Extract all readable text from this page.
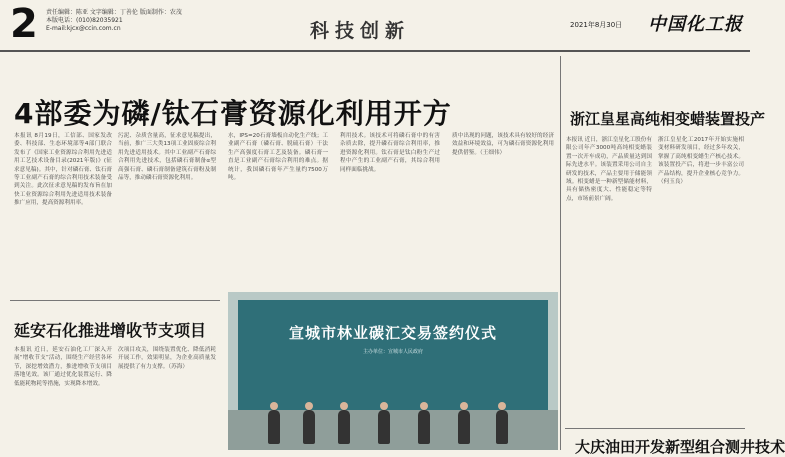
2 责任编辑：陈亚 文字编辑：丁善伦 版面制作：农茂
本版电话：(010)82035921
E-mail:kjcx@ccin.com.cn	科技创新	2021年8月30日 中国化工报
4部委为磷/钛石膏资源化利用开方
本报讯 8月19日，工信部、国家发改委、科技部、生态环境部等4部门联合发布了《国家工业资源综合利用先进适用工艺技术设备目录(2021年版)》(征求意见稿)。其中，针对磷石膏、钛石膏等工业副产石膏的综合利用技术装备受到关注。此次征求意见稿的发布旨在加快工业资源综合利用先进适用技术装备推广应用，提高资源利用率。
污泥、杂质含量高，征求意见稿提出，当前，推广三大类13项工业固废综合利用先进适用技术。其中工业副产石膏综合利用先进技术，包括磷石膏制备α型高强石膏、磷石膏制备建筑石膏粉及制品等，推动磷石膏资源化利用。
水，IPS=20石膏墙板自动化生产线；工业副产石膏（磷石膏、脱硫石膏）干法生产高强度石膏工艺及装备。磷石膏一直是工业副产石膏综合利用的难点。据统计，我国磷石膏年产生量约7500万吨。
利用技术。该技术可将磷石膏中的有害杂质去除，提升磷石膏综合利用率，推进资源化利用。钛石膏是钛白粉生产过程中产生的工业副产石膏，其综合利用同样面临挑战。
质中出现的问题，该技术具有较好的经济效益和环境效益，可为磷石膏资源化利用提供借鉴。（王细伟）
浙江皇星高纯相变蜡装置投产
本报讯 近日，浙江皇星化工股份有限公司年产3000吨高纯相变蜡装置一次开车成功，产品质量达到国际先进水平。该装置采用公司自主研发的技术，产品主要用于储能领域。相变蜡是一种新型储能材料，具有储热密度大、性能稳定等特点，市场前景广阔。
浙江皇星化工2017年开始实施相变材料研发项目，经过多年攻关，掌握了高纯相变蜡生产核心技术。该装置投产后，将进一步丰富公司产品结构，提升企业核心竞争力。（何玉良）
延安石化推进增收节支项目
本报讯 近日，延安石油化工厂深入开展“增收节支”活动，围绕生产经营各环节，深挖增效潜力，推进增收节支项目落地见效。该厂通过优化装置运行、降低能耗物耗等措施，实现降本增效。
次项目攻关，围绕装置优化、降低消耗开展工作，效果明显，为企业高质量发展提供了有力支撑。（苏海）
宣城市林业碳汇交易签约仪式
主办单位：宣城市人民政府
大庆油田开发新型组合测井技术
